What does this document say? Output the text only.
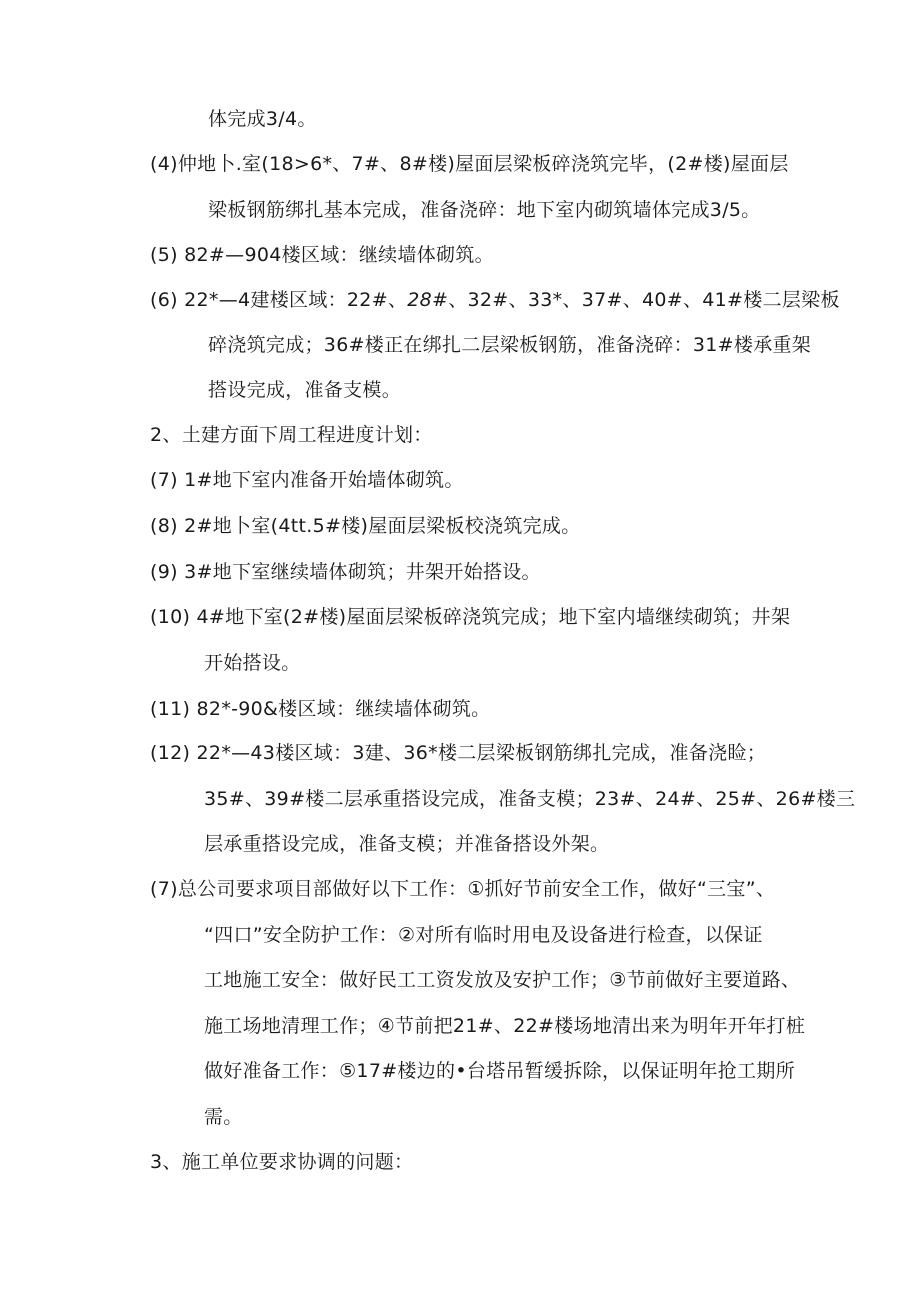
体完成3/4。
(4)仲地卜.室(18>6*、7#、8#楼)屋面层梁板碎浇筑完毕，(2#楼)屋面层
梁板钢筋绑扎基本完成，准备浇碎：地下室内砌筑墙体完成3/5。
(5) 82#—904楼区域：继续墙体砌筑。
(6) 22*—4建楼区域：22#、28#、32#、33*、37#、40#、41#楼二层梁板
碎浇筑完成；36#楼正在绑扎二层梁板钢筋，准备浇碎：31#楼承重架
搭设完成，准备支模。
2、土建方面下周工程进度计划：
(7) 1#地下室内准备开始墙体砌筑。
(8) 2#地卜室(4tt.5#楼)屋面层梁板校浇筑完成。
(9) 3#地下室继续墙体砌筑；井架开始搭设。
(10) 4#地下室(2#楼)屋面层梁板碎浇筑完成；地下室内墙继续砌筑；井架
开始搭设。
(11) 82*-90&楼区域：继续墙体砌筑。
(12) 22*—43楼区域：3建、36*楼二层梁板钢筋绑扎完成，准备浇睑；
35#、39#楼二层承重搭设完成，准备支模；23#、24#、25#、26#楼三
层承重搭设完成，准备支模；并准备搭设外架。
(7)总公司要求项目部做好以下工作：①抓好节前安全工作，做好“三宝”、
“四口”安全防护工作：②对所有临时用电及设备进行检查，以保证
工地施工安全：做好民工工资发放及安护工作；③节前做好主要道路、
施工场地清理工作；④节前把21#、22#楼场地清出来为明年开年打桩
做好准备工作：⑤17#楼边的•台塔吊暂缓拆除，以保证明年抢工期所
需。
3、施工单位要求协调的问题：
